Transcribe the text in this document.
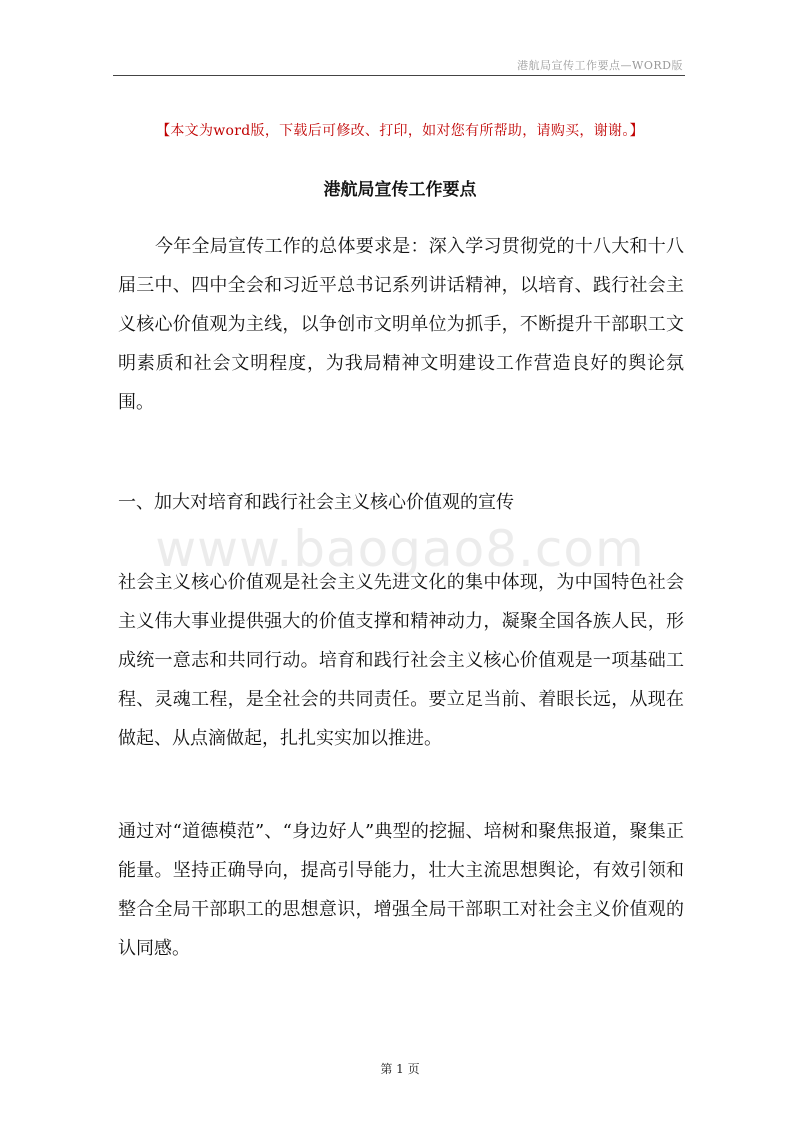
港航局宣传工作要点—WORD版
【本文为word版，下载后可修改、打印，如对您有所帮助，请购买，谢谢。】
港航局宣传工作要点

今年全局宣传工作的总体要求是：深入学习贯彻党的十八大和十八届三中、四中全会和习近平总书记系列讲话精神，以培育、践行社会主义核心价值观为主线，以争创市文明单位为抓手，不断提升干部职工文明素质和社会文明程度，为我局精神文明建设工作营造良好的舆论氛围。

一、加大对培育和践行社会主义核心价值观的宣传

www.baogao8.com

社会主义核心价值观是社会主义先进文化的集中体现，为中国特色社会主义伟大事业提供强大的价值支撑和精神动力，凝聚全国各族人民，形成统一意志和共同行动。培育和践行社会主义核心价值观是一项基础工程、灵魂工程，是全社会的共同责任。要立足当前、着眼长远，从现在做起、从点滴做起，扎扎实实加以推进。

通过对“道德模范”、“身边好人”典型的挖掘、培树和聚焦报道，聚集正能量。坚持正确导向，提高引导能力，壮大主流思想舆论，有效引领和整合全局干部职工的思想意识，增强全局干部职工对社会主义价值观的认同感。

第 1 页
